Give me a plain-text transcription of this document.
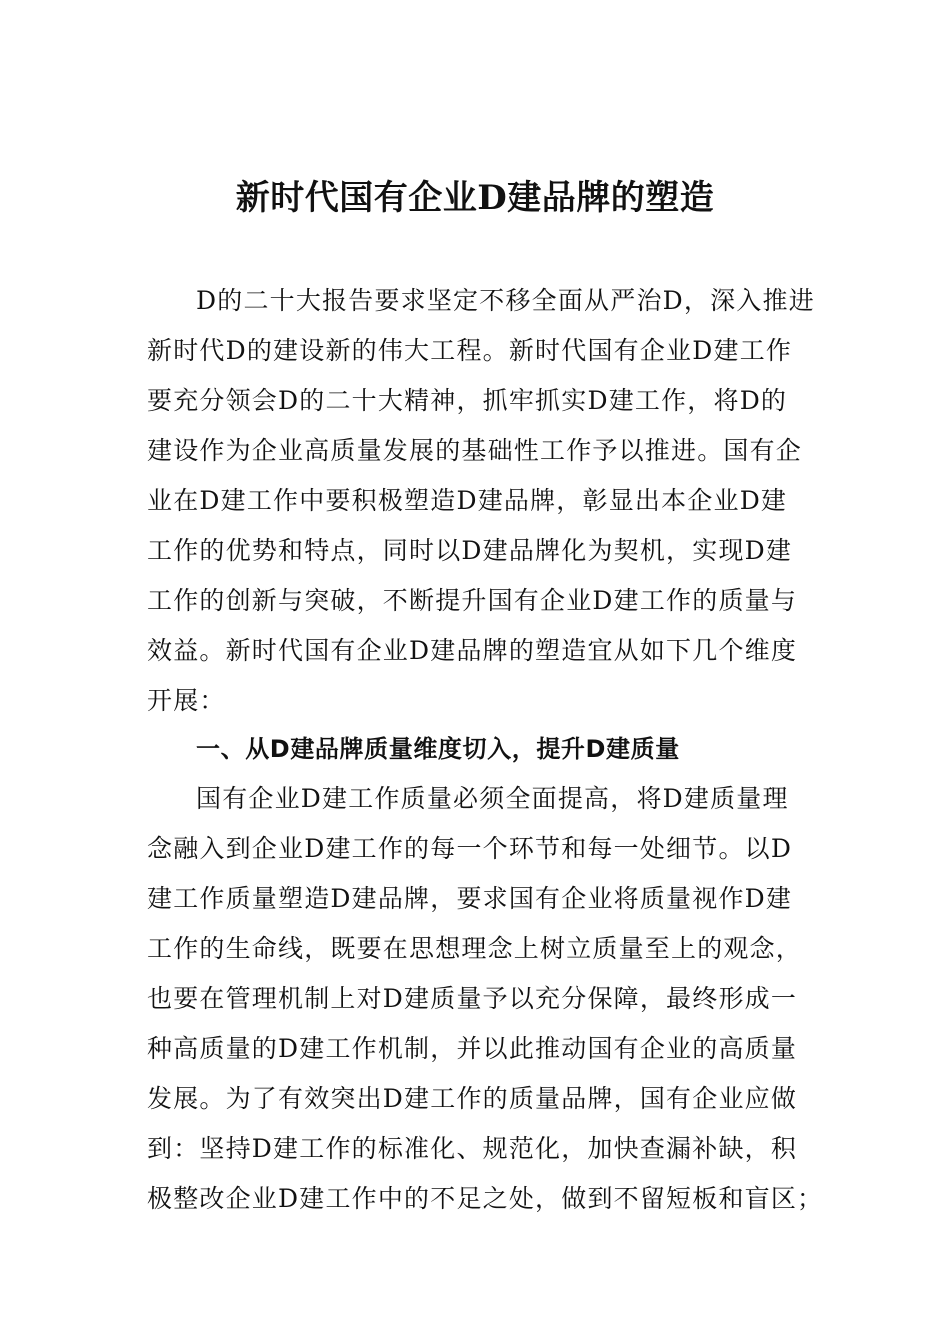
新时代国有企业D建品牌的塑造
D的二十大报告要求坚定不移全面从严治D，深入推进
新时代D的建设新的伟大工程。新时代国有企业D建工作
要充分领会D的二十大精神，抓牢抓实D建工作，将D的
建设作为企业高质量发展的基础性工作予以推进。国有企
业在D建工作中要积极塑造D建品牌，彰显出本企业D建
工作的优势和特点，同时以D建品牌化为契机，实现D建
工作的创新与突破，不断提升国有企业D建工作的质量与
效益。新时代国有企业D建品牌的塑造宜从如下几个维度
开展：
一、从D建品牌质量维度切入，提升D建质量
国有企业D建工作质量必须全面提高，将D建质量理
念融入到企业D建工作的每一个环节和每一处细节。以D
建工作质量塑造D建品牌，要求国有企业将质量视作D建
工作的生命线，既要在思想理念上树立质量至上的观念，
也要在管理机制上对D建质量予以充分保障，最终形成一
种高质量的D建工作机制，并以此推动国有企业的高质量
发展。为了有效突出D建工作的质量品牌，国有企业应做
到：坚持D建工作的标准化、规范化，加快查漏补缺，积
极整改企业D建工作中的不足之处，做到不留短板和盲区；
